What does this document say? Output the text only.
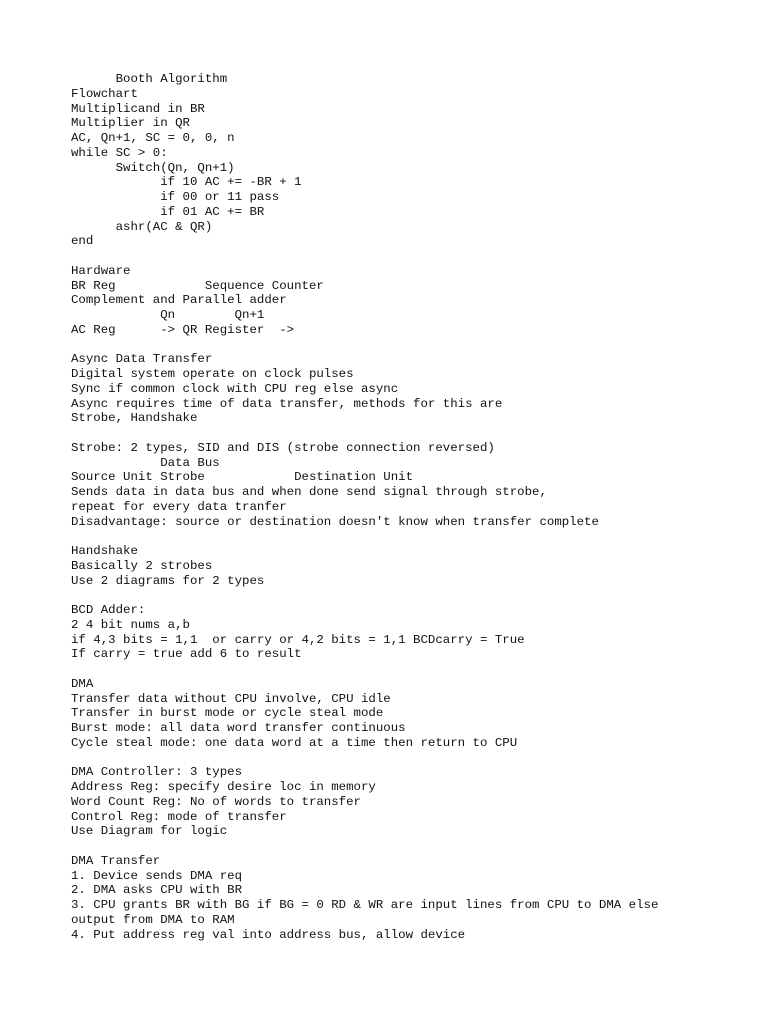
Booth Algorithm
Flowchart
Multiplicand in BR
Multiplier in QR
AC, Qn+1, SC = 0, 0, n
while SC > 0:
Switch(Qn, Qn+1)
if 10 AC += -BR + 1
if 00 or 11 pass
if 01 AC += BR
ashr(AC & QR)
end
Hardware
BR Reg            Sequence Counter
Complement and Parallel adder
Qn        Qn+1
AC Reg      -> QR Register  ->
Async Data Transfer
Digital system operate on clock pulses
Sync if common clock with CPU reg else async
Async requires time of data transfer, methods for this are
Strobe, Handshake
Strobe: 2 types, SID and DIS (strobe connection reversed)
Data Bus
Source Unit Strobe            Destination Unit
Sends data in data bus and when done send signal through strobe,
repeat for every data tranfer
Disadvantage: source or destination doesn't know when transfer complete
Handshake
Basically 2 strobes
Use 2 diagrams for 2 types
BCD Adder:
2 4 bit nums a,b
if 4,3 bits = 1,1  or carry or 4,2 bits = 1,1 BCDcarry = True
If carry = true add 6 to result
DMA
Transfer data without CPU involve, CPU idle
Transfer in burst mode or cycle steal mode
Burst mode: all data word transfer continuous
Cycle steal mode: one data word at a time then return to CPU
DMA Controller: 3 types
Address Reg: specify desire loc in memory
Word Count Reg: No of words to transfer
Control Reg: mode of transfer
Use Diagram for logic
DMA Transfer
1. Device sends DMA req
2. DMA asks CPU with BR
3. CPU grants BR with BG if BG = 0 RD & WR are input lines from CPU to DMA else
output from DMA to RAM
4. Put address reg val into address bus, allow device
